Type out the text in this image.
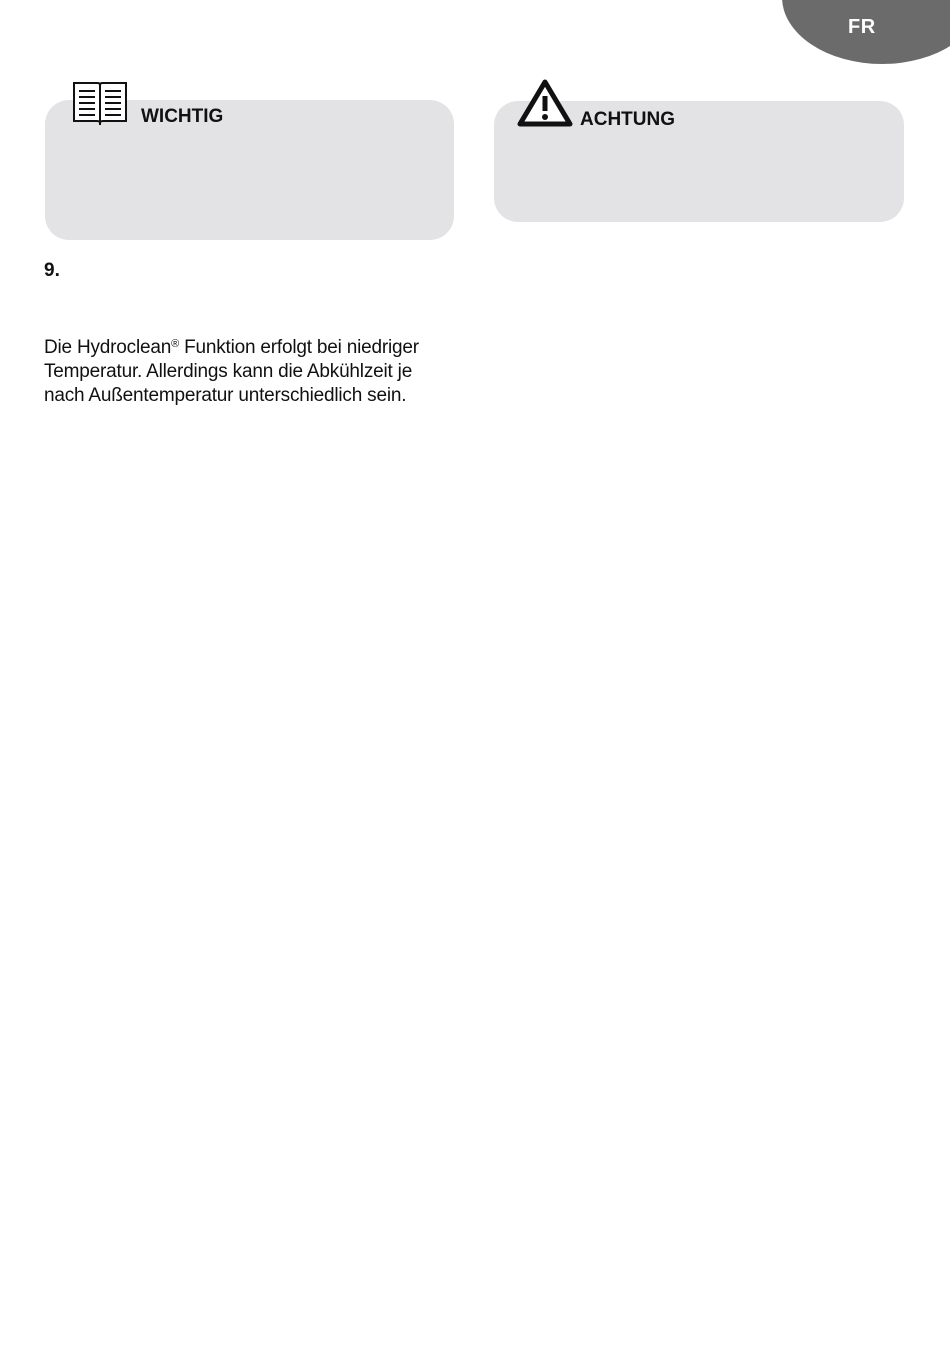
FR
WICHTIG	ACHTUNG
9.
Die Hydroclean® Funktion erfolgt bei niedriger
Temperatur. Allerdings kann die Abkühlzeit je
nach Außentemperatur unterschiedlich sein.
